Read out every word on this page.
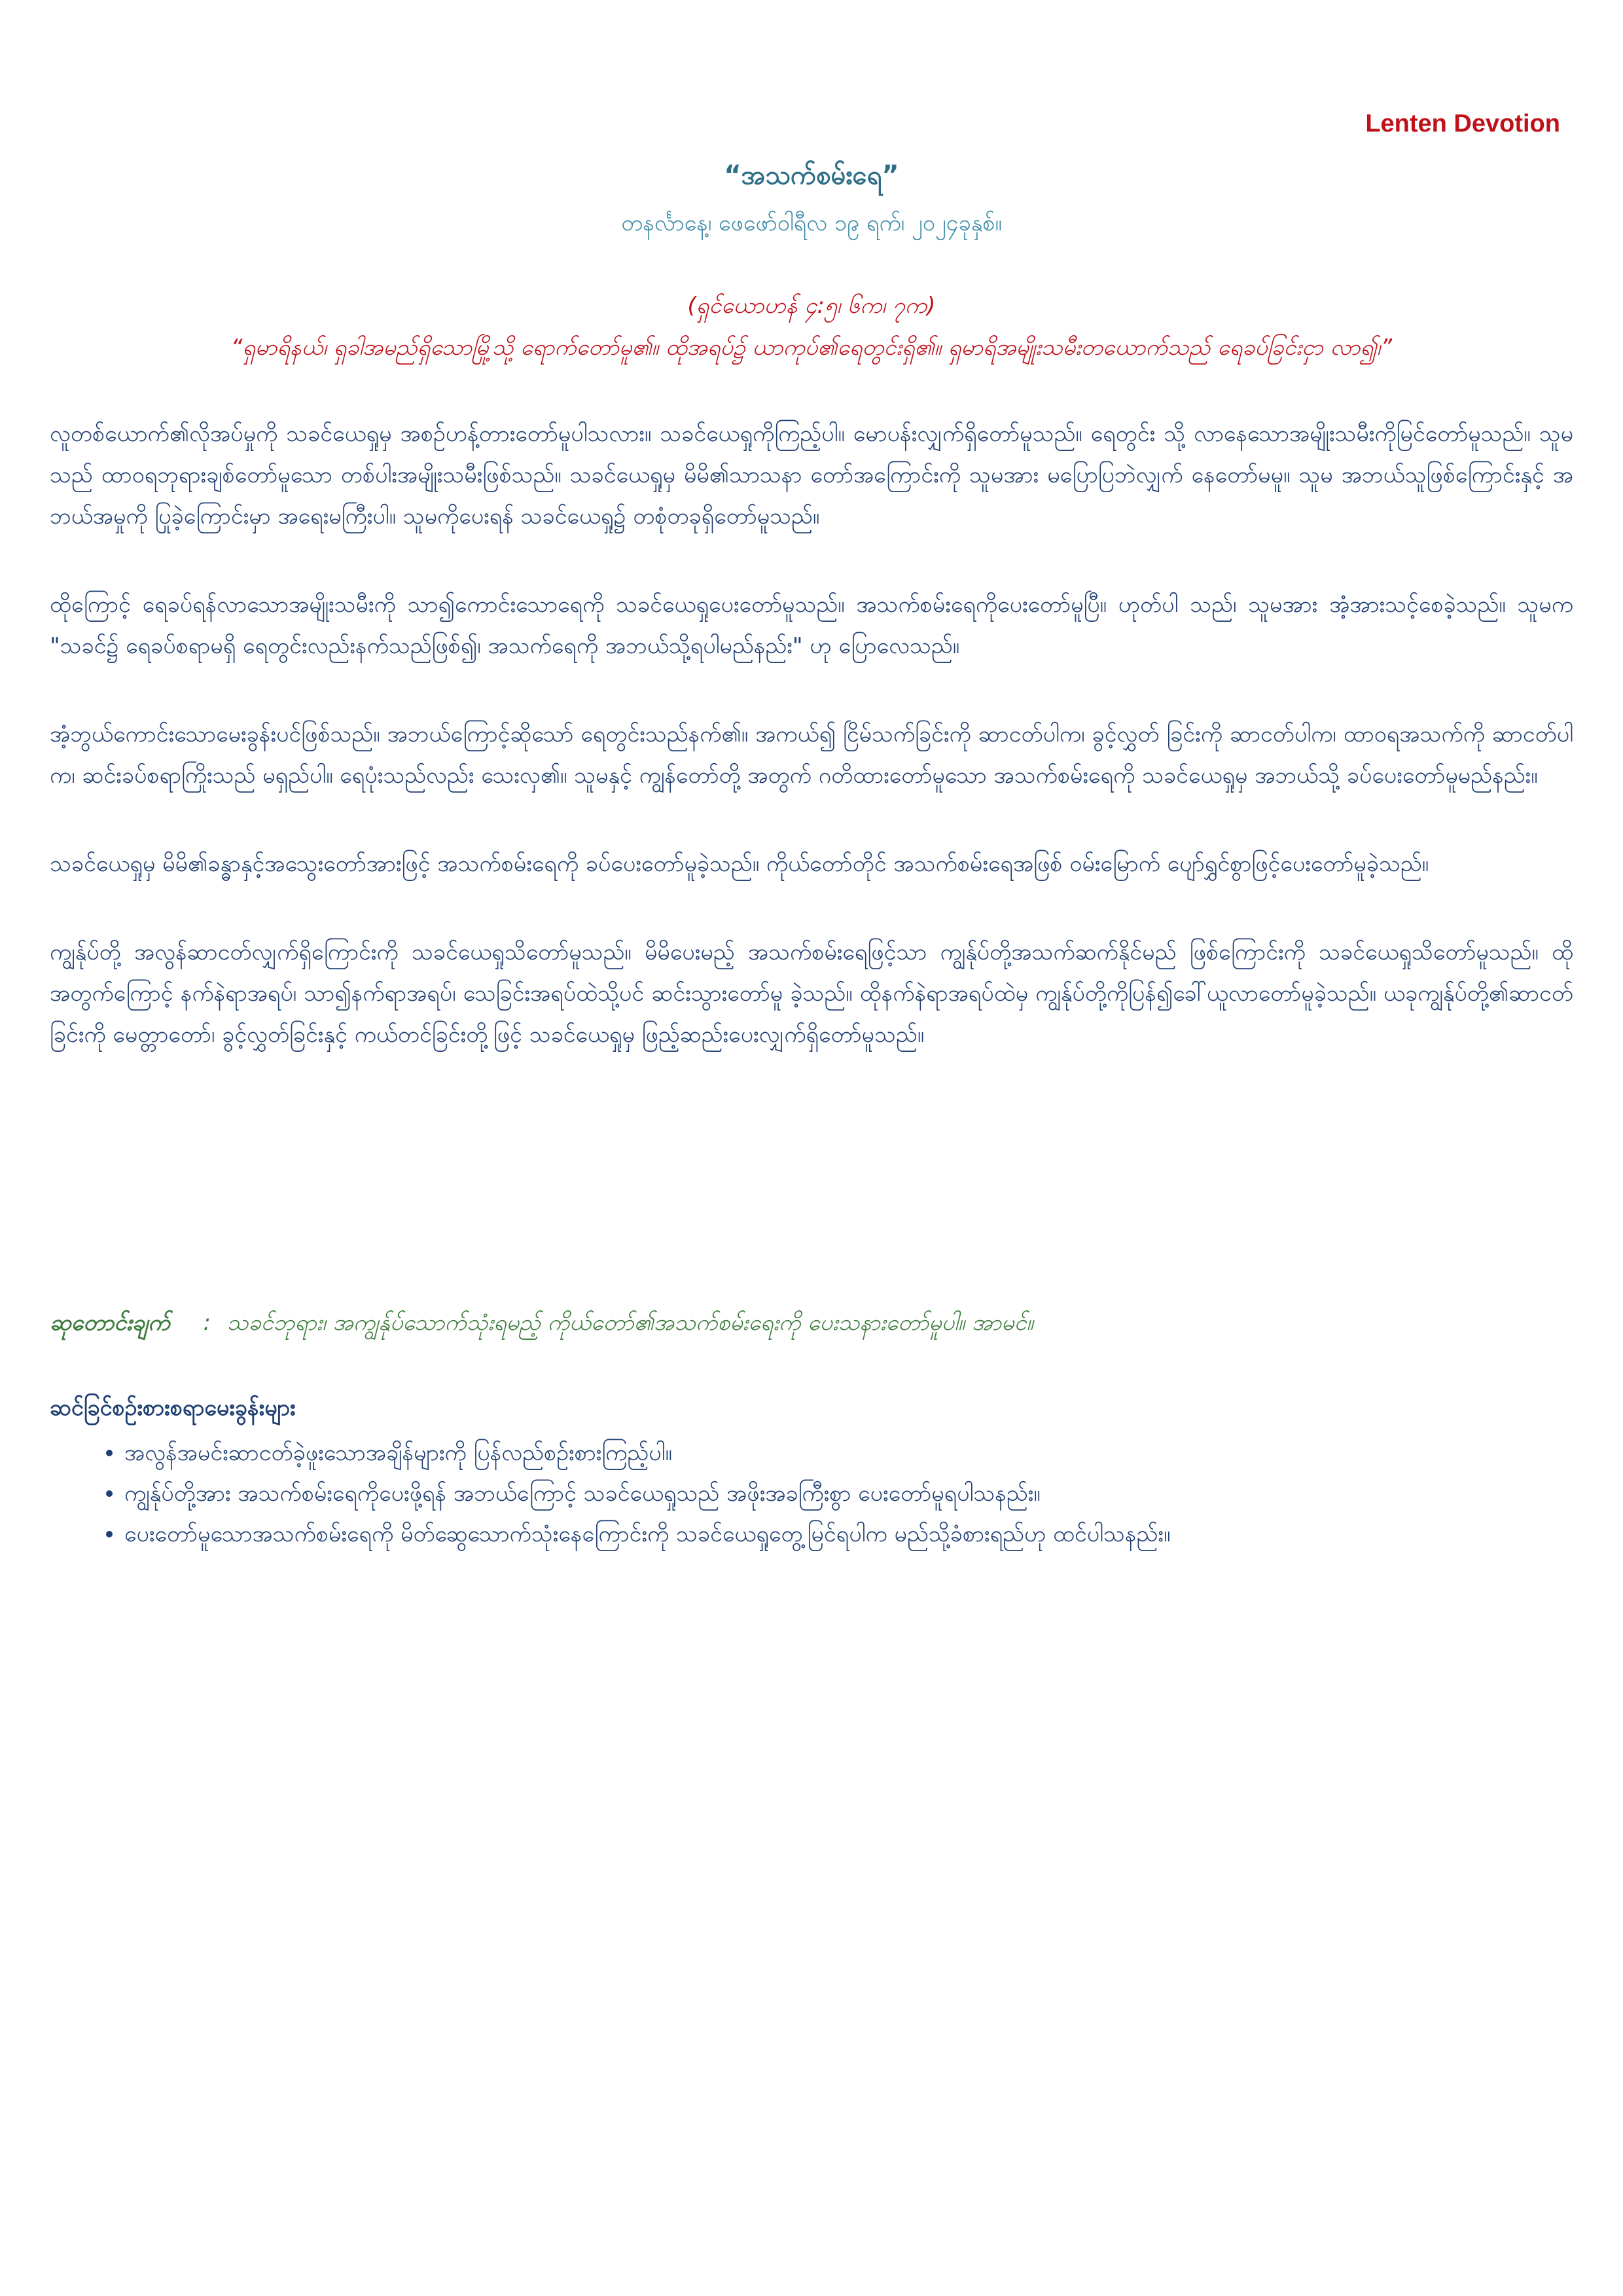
Lenten Devotion
“အသက်စမ်းရေ”
တနင်္လာနေ့၊ ဖေဖော်ဝါရီလ ၁၉ ရက်၊ ၂၀၂၄ခုနှစ်။
(ရှင်ယောဟန် ၄:၅၊ ၆က၊ ၇က)
“ရှမာရိနယ်၊ ရှခါအမည်ရှိသောမြို့သို့ ရောက်တော်မူ၏။ ထိုအရပ်၌ ယာကုပ်၏ရေတွင်းရှိ၏။ ရှမာရိအမျိုးသမီးတယောက်သည် ရေခပ်ခြင်းငှာ လာ၍၊”

လူတစ်ယောက်၏လိုအပ်မှုကို သခင်ယေရှုမှ အစဉ်ဟန့်တားတော်မူပါသလား။ သခင်ယေရှုကိုကြည့်ပါ။ မောပန်းလျှက်ရှိတော်မူသည်။ ရေတွင်း သို့ လာနေသောအမျိုးသမီးကိုမြင်တော်မူသည်။ သူမသည် ထာဝရဘုရားချစ်တော်မူသော တစ်ပါးအမျိုးသမီးဖြစ်သည်။ သခင်ယေရှုမှ မိမိ၏သာသနာ တော်အကြောင်းကို သူမအား မပြောပြဘဲလျှက် နေတော်မမူ။ သူမ အဘယ်သူဖြစ်ကြောင်းနှင့် အဘယ်အမှုကို ပြုခဲ့ကြောင်းမှာ အရေးမကြီးပါ။ သူမကိုပေးရန် သခင်ယေရှု၌ တစုံတခုရှိတော်မူသည်။

ထိုကြောင့် ရေခပ်ရန်လာသောအမျိုးသမီးကို သာ၍ကောင်းသောရေကို သခင်ယေရှုပေးတော်မူသည်။ အသက်စမ်းရေကိုပေးတော်မူပြီ။ ဟုတ်ပါ သည်၊ သူမအား အံ့အားသင့်စေခဲ့သည်။ သူမက "သခင်၌ ရေခပ်စရာမရှိ ရေတွင်းလည်းနက်သည်ဖြစ်၍၊ အသက်ရေကို အဘယ်သို့ရပါမည်နည်း" ဟု ပြောလေသည်။

အံ့ဘွယ်ကောင်းသောမေးခွန်းပင်ဖြစ်သည်။ အဘယ်ကြောင့်ဆိုသော် ရေတွင်းသည်နက်၏။ အကယ်၍ ငြိမ်သက်ခြင်းကို ဆာငတ်ပါက၊ ခွင့်လွှတ် ခြင်းကို ဆာငတ်ပါက၊ ထာဝရအသက်ကို ဆာငတ်ပါက၊ ဆင်းခပ်စရာကြိုးသည် မရှည်ပါ။ ရေပုံးသည်လည်း သေးလှ၏။ သူမနှင့် ကျွန်တော်တို့ အတွက် ဂတိထားတော်မူသော အသက်စမ်းရေကို သခင်ယေရှုမှ အဘယ်သို့ ခပ်ပေးတော်မူမည်နည်း။

သခင်ယေရှုမှ မိမိ၏ခန္ဓာနှင့်အသွေးတော်အားဖြင့် အသက်စမ်းရေကို ခပ်ပေးတော်မူခဲ့သည်။ ကိုယ်တော်တိုင် အသက်စမ်းရေအဖြစ် ဝမ်းမြောက် ပျော်ရွှင်စွာဖြင့်ပေးတော်မူခဲ့သည်။

ကျွန်ုပ်တို့ အလွန်ဆာငတ်လျှက်ရှိကြောင်းကို သခင်ယေရှုသိတော်မူသည်။ မိမိပေးမည့် အသက်စမ်းရေဖြင့်သာ ကျွန်ုပ်တို့အသက်ဆက်နိုင်မည် ဖြစ်ကြောင်းကို သခင်ယေရှုသိတော်မူသည်။ ထိုအတွက်ကြောင့် နက်နဲရာအရပ်၊ သာ၍နက်ရာအရပ်၊ သေခြင်းအရပ်ထဲသို့ပင် ဆင်းသွားတော်မူ ခဲ့သည်။ ထိုနက်နဲရာအရပ်ထဲမှ ကျွန်ုပ်တို့ကိုပြန်၍ခေါ်ယူလာတော်မူခဲ့သည်။ ယခုကျွန်ုပ်တို့၏ဆာငတ်ခြင်းကို မေတ္တာတော်၊ ခွင့်လွှတ်ခြင်းနှင့် ကယ်တင်ခြင်းတို့ဖြင့် သခင်ယေရှုမှ ဖြည့်ဆည်းပေးလျှက်ရှိတော်မူသည်။

ဆုတောင်းချက် : သခင်ဘုရား၊ အကျွန်ုပ်သောက်သုံးရမည့် ကိုယ်တော်၏အသက်စမ်းရေးကို ပေးသနားတော်မူပါ။ အာမင်။
ဆင်ခြင်စဉ်းစားစရာမေးခွန်းများ
အလွန်အမင်းဆာငတ်ခဲ့ဖူးသောအချိန်များကို ပြန်လည်စဉ်းစားကြည့်ပါ။
ကျွန်ုပ်တို့အား အသက်စမ်းရေကိုပေးဖို့ရန် အဘယ်ကြောင့် သခင်ယေရှုသည် အဖိုးအခကြီးစွာ ပေးတော်မူရပါသနည်း။
ပေးတော်မူသောအသက်စမ်းရေကို မိတ်ဆွေသောက်သုံးနေကြောင်းကို သခင်ယေရှုတွေ့မြင်ရပါက မည်သို့ခံစားရည်ဟု ထင်ပါသနည်း။
